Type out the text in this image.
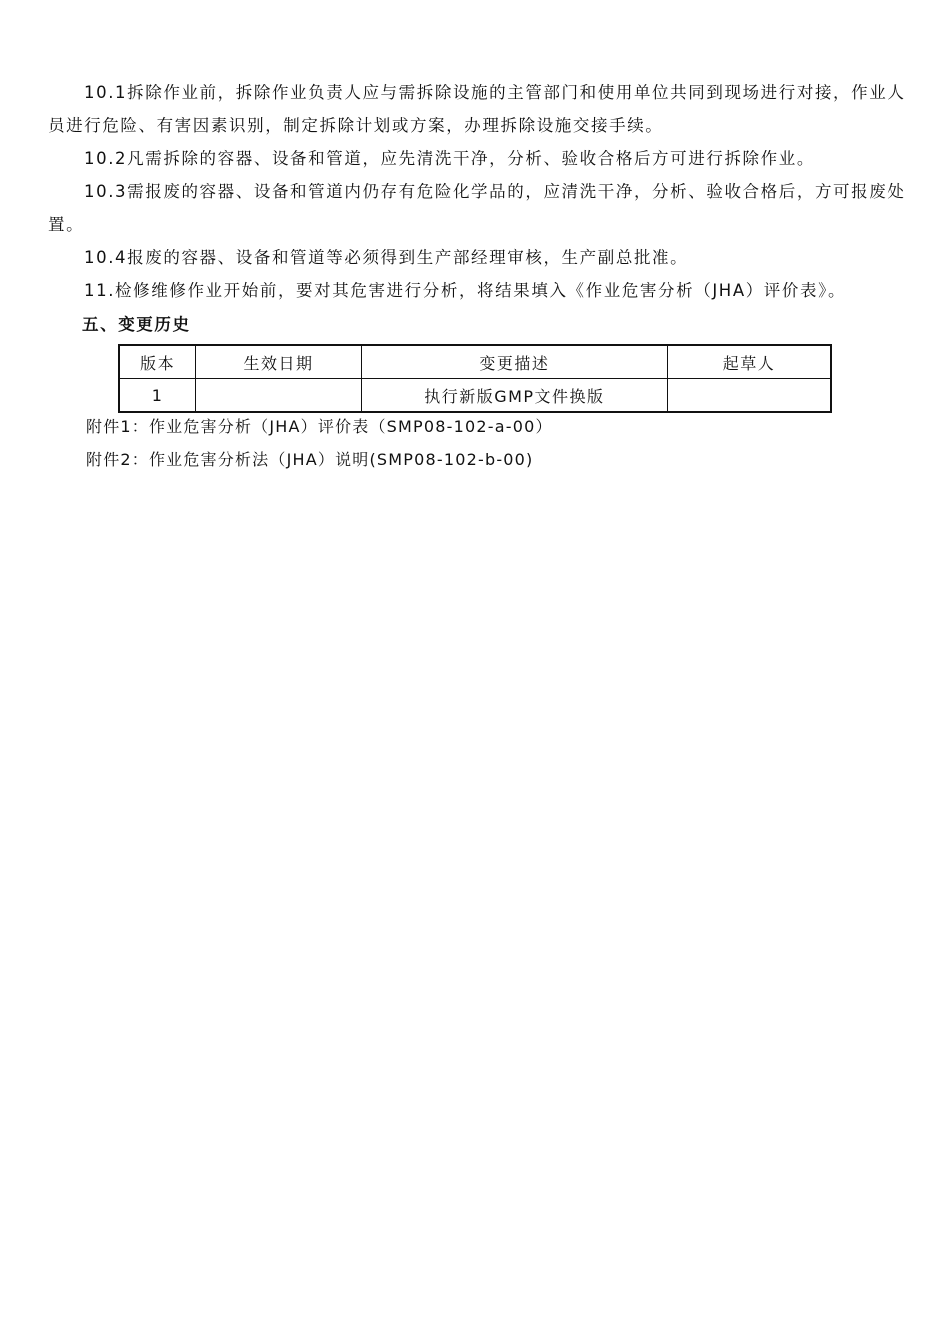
10.1拆除作业前，拆除作业负责人应与需拆除设施的主管部门和使用单位共同到现场进行对接，作业人员进行危险、有害因素识别，制定拆除计划或方案，办理拆除设施交接手续。

10.2凡需拆除的容器、设备和管道，应先清洗干净，分析、验收合格后方可进行拆除作业。

10.3需报废的容器、设备和管道内仍存有危险化学品的，应清洗干净，分析、验收合格后，方可报废处置。

10.4报废的容器、设备和管道等必须得到生产部经理审核，生产副总批准。

11.检修维修作业开始前，要对其危害进行分析，将结果填入《作业危害分析（JHA）评价表》。

五、变更历史
版本	生效日期	变更描述	起草人
1		执行新版GMP文件换版	
附件1：作业危害分析（JHA）评价表（SMP08-102-a-00）
附件2：作业危害分析法（JHA）说明(SMP08-102-b-00)
